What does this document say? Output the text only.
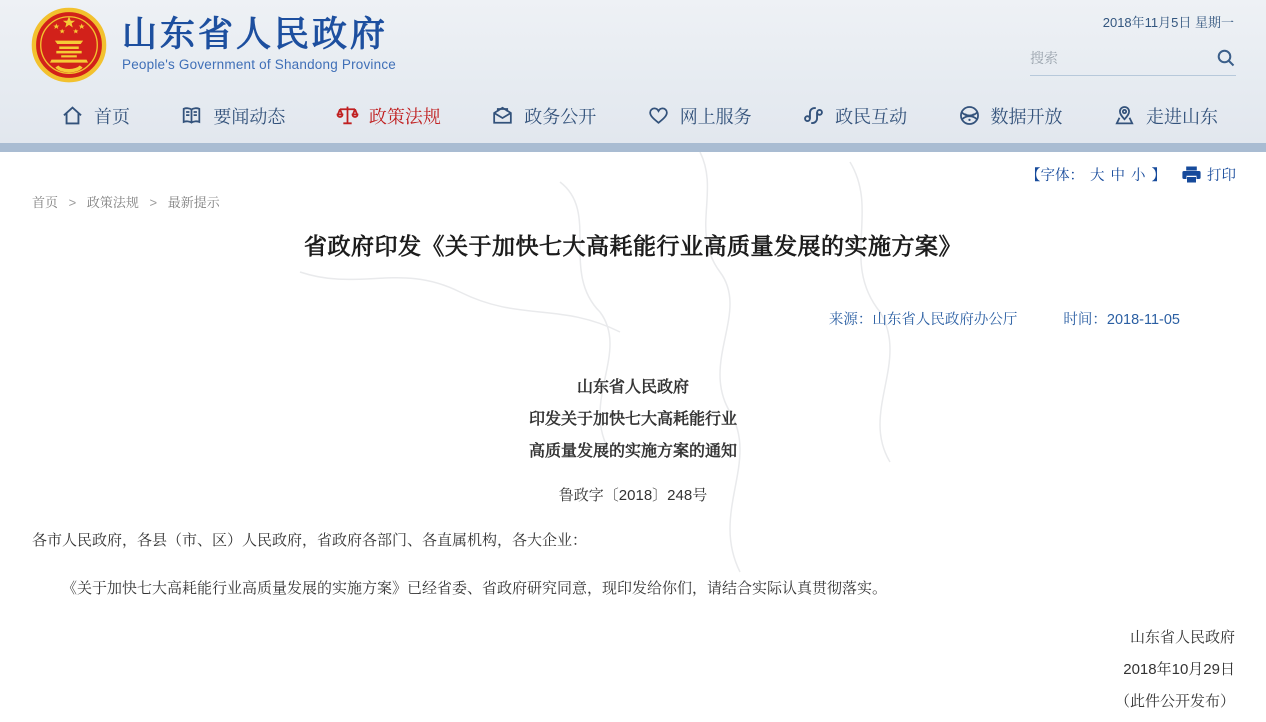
山东省人民政府
People's Government of Shandong Province
2018年11月5日 星期一
搜索
首页	要闻动态	政策法规	政务公开	网上服务	政民互动	数据开放	走进山东
【字体： 大 中 小 】	打印
首页 > 政策法规 > 最新提示
省政府印发《关于加快七大高耗能行业高质量发展的实施方案》
来源：山东省人民政府办公厅	时间：2018-11-05
山东省人民政府
印发关于加快七大高耗能行业
高质量发展的实施方案的通知
鲁政字〔2018〕248号
各市人民政府，各县（市、区）人民政府，省政府各部门、各直属机构，各大企业：
《关于加快七大高耗能行业高质量发展的实施方案》已经省委、省政府研究同意，现印发给你们，请结合实际认真贯彻落实。
山东省人民政府
2018年10月29日
（此件公开发布）
